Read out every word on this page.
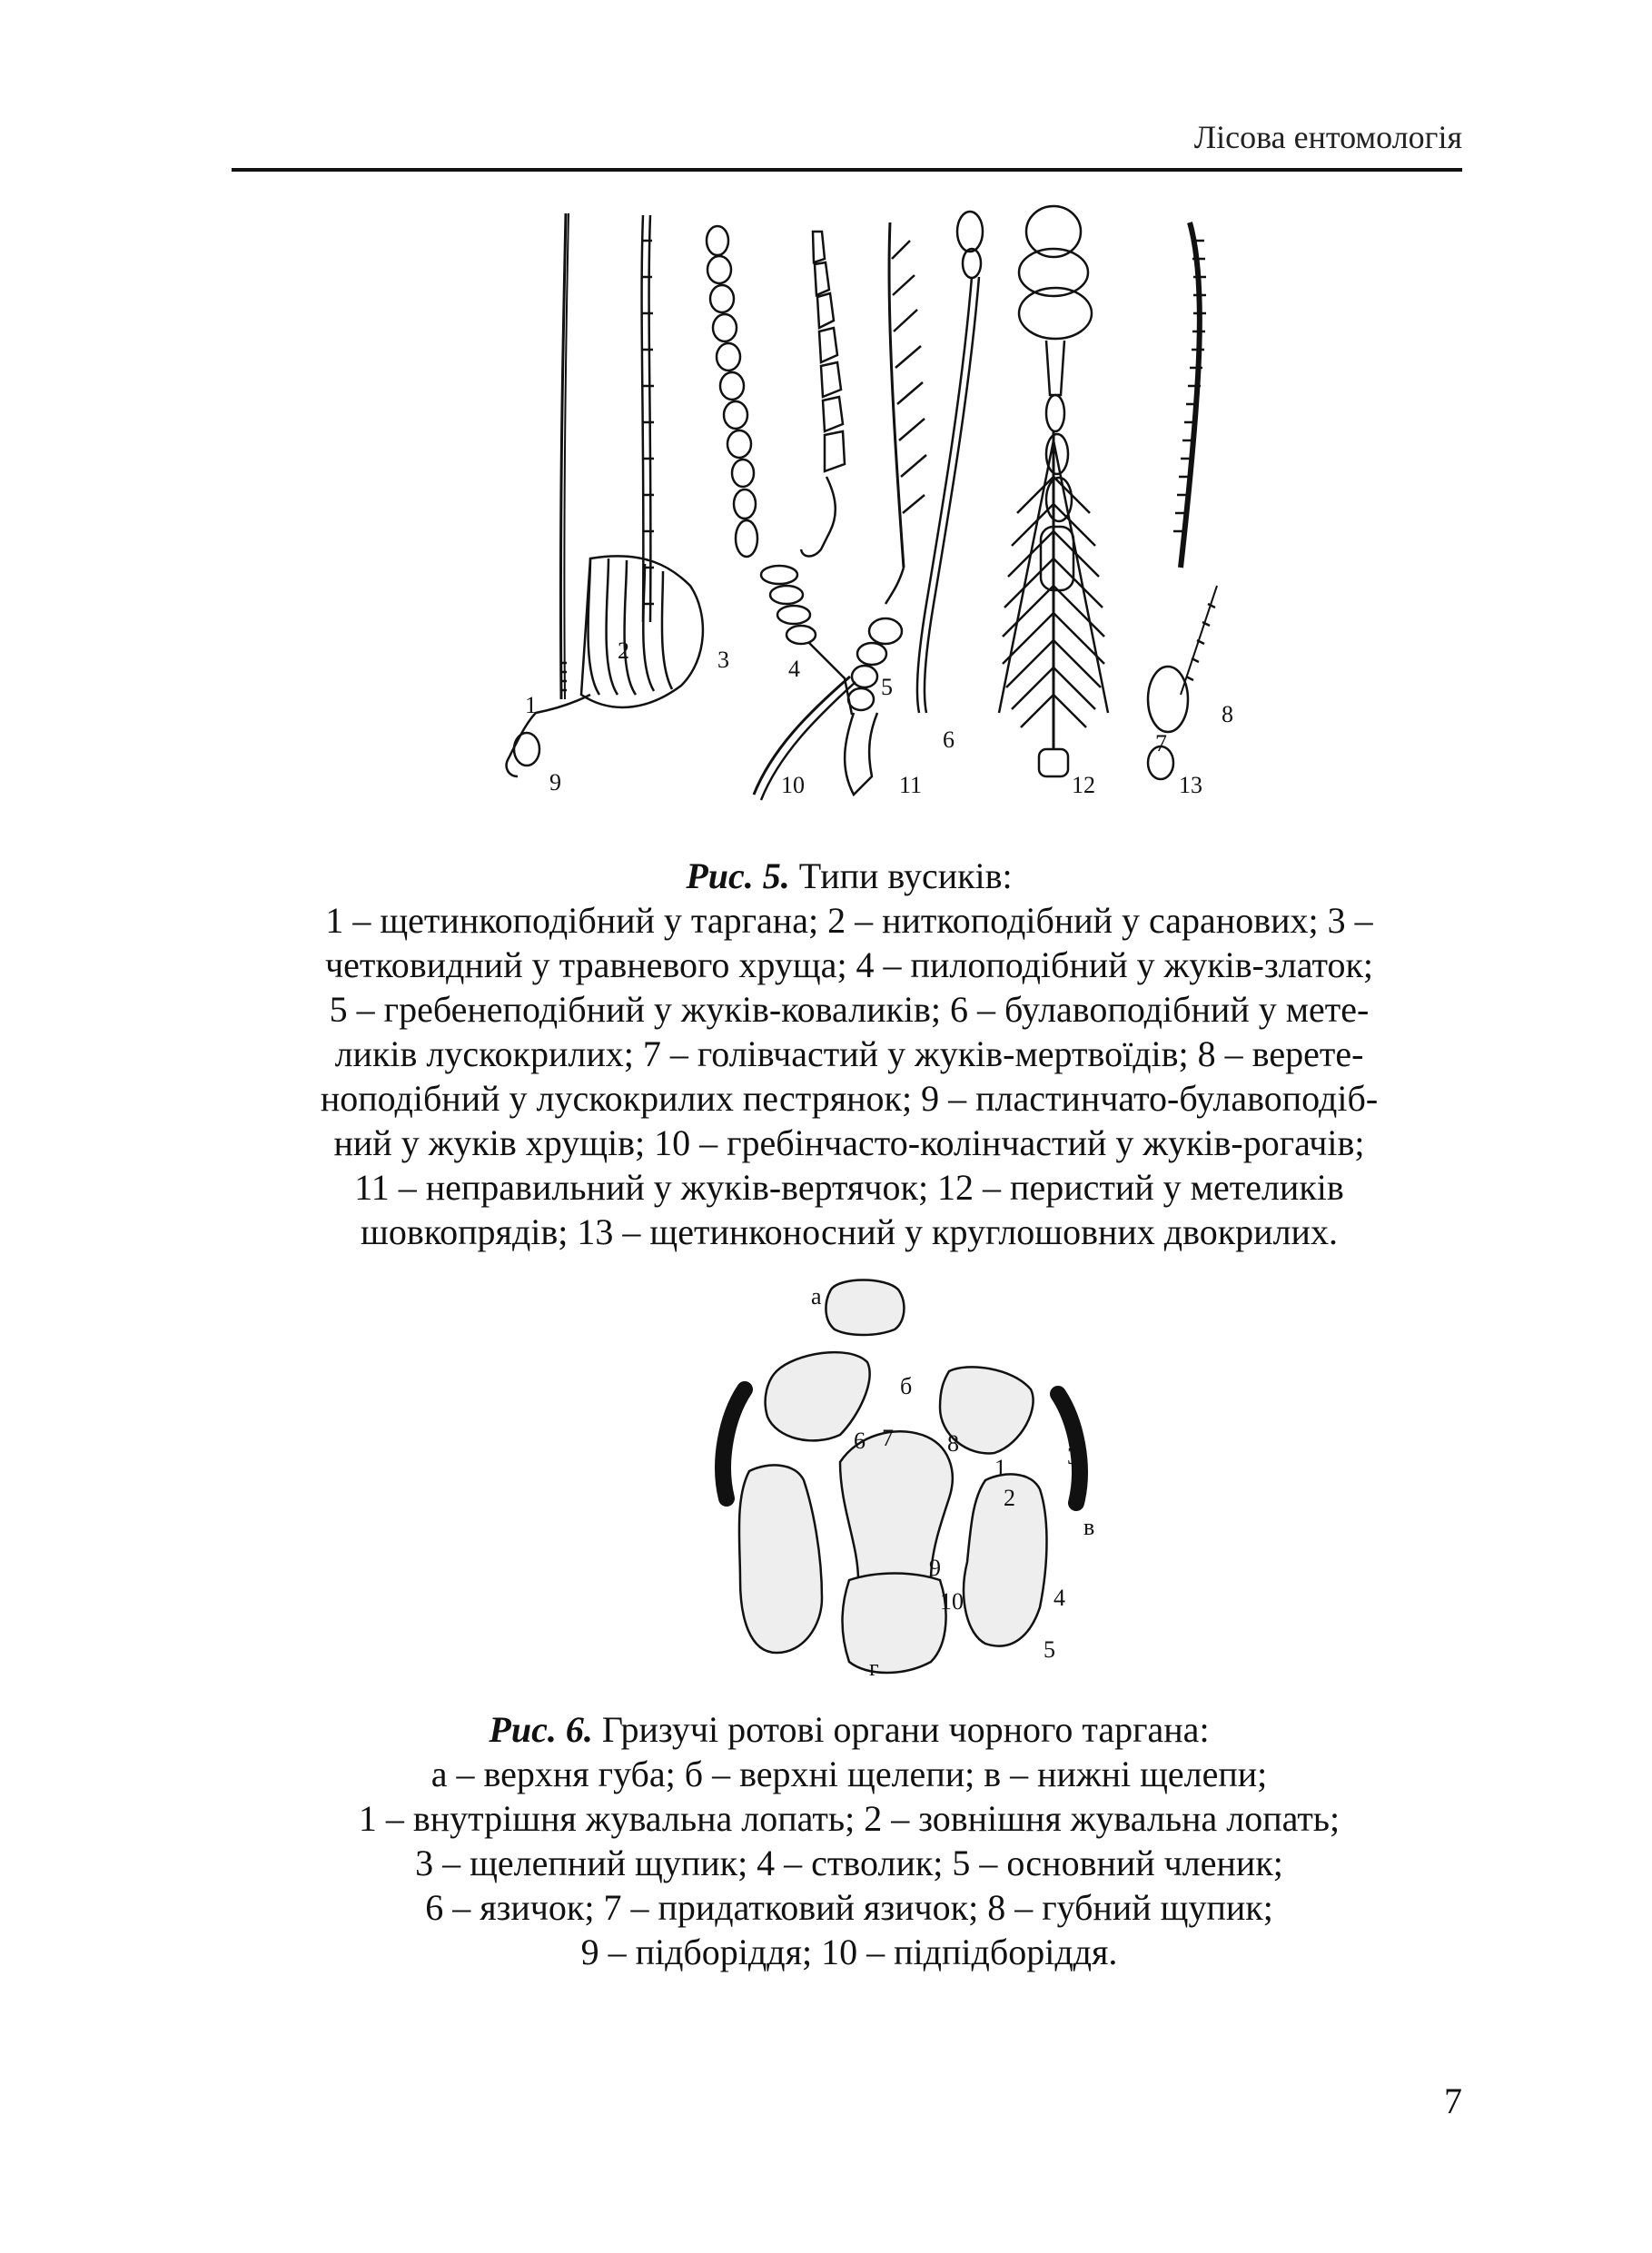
Лісова ентомологія
1
2	3	4
5
6	7
8
9	10	11	12	13
Рис. 5. Типи вусиків:
1 – щетинкоподібний у таргана; 2 – ниткоподібний у саранових; 3 –
четковидний у травневого хруща; 4 – пилоподібний у жуків-златок;
5 – гребенеподібний у жуків-коваликів; 6 – булавоподібний у мете-
ликів лускокрилих; 7 – голівчастий у жуків-мертвоїдів; 8 – верете-
ноподібний у лускокрилих пестрянок; 9 – пластинчато-булавоподіб-
ний у жуків хрущів; 10 – гребінчасто-колінчастий у жуків-рогачів;
11 – неправильний у жуків-вертячок; 12 – перистий у метеликів
шовкопрядів; 13 – щетинконосний у круглошовних двокрилих.
а
б
в
г
1
2
3
4
5
6 7 8
9
10
Рис. 6. Гризучі ротові органи чорного таргана:
а – верхня губа; б – верхні щелепи; в – нижні щелепи;
1 – внутрішня жувальна лопать; 2 – зовнішня жувальна лопать;
3 – щелепний щупик; 4 – стволик; 5 – основний членик;
6 – язичок; 7 – придатковий язичок; 8 – губний щупик;
9 – підборіддя; 10 – підпідборіддя.
7
